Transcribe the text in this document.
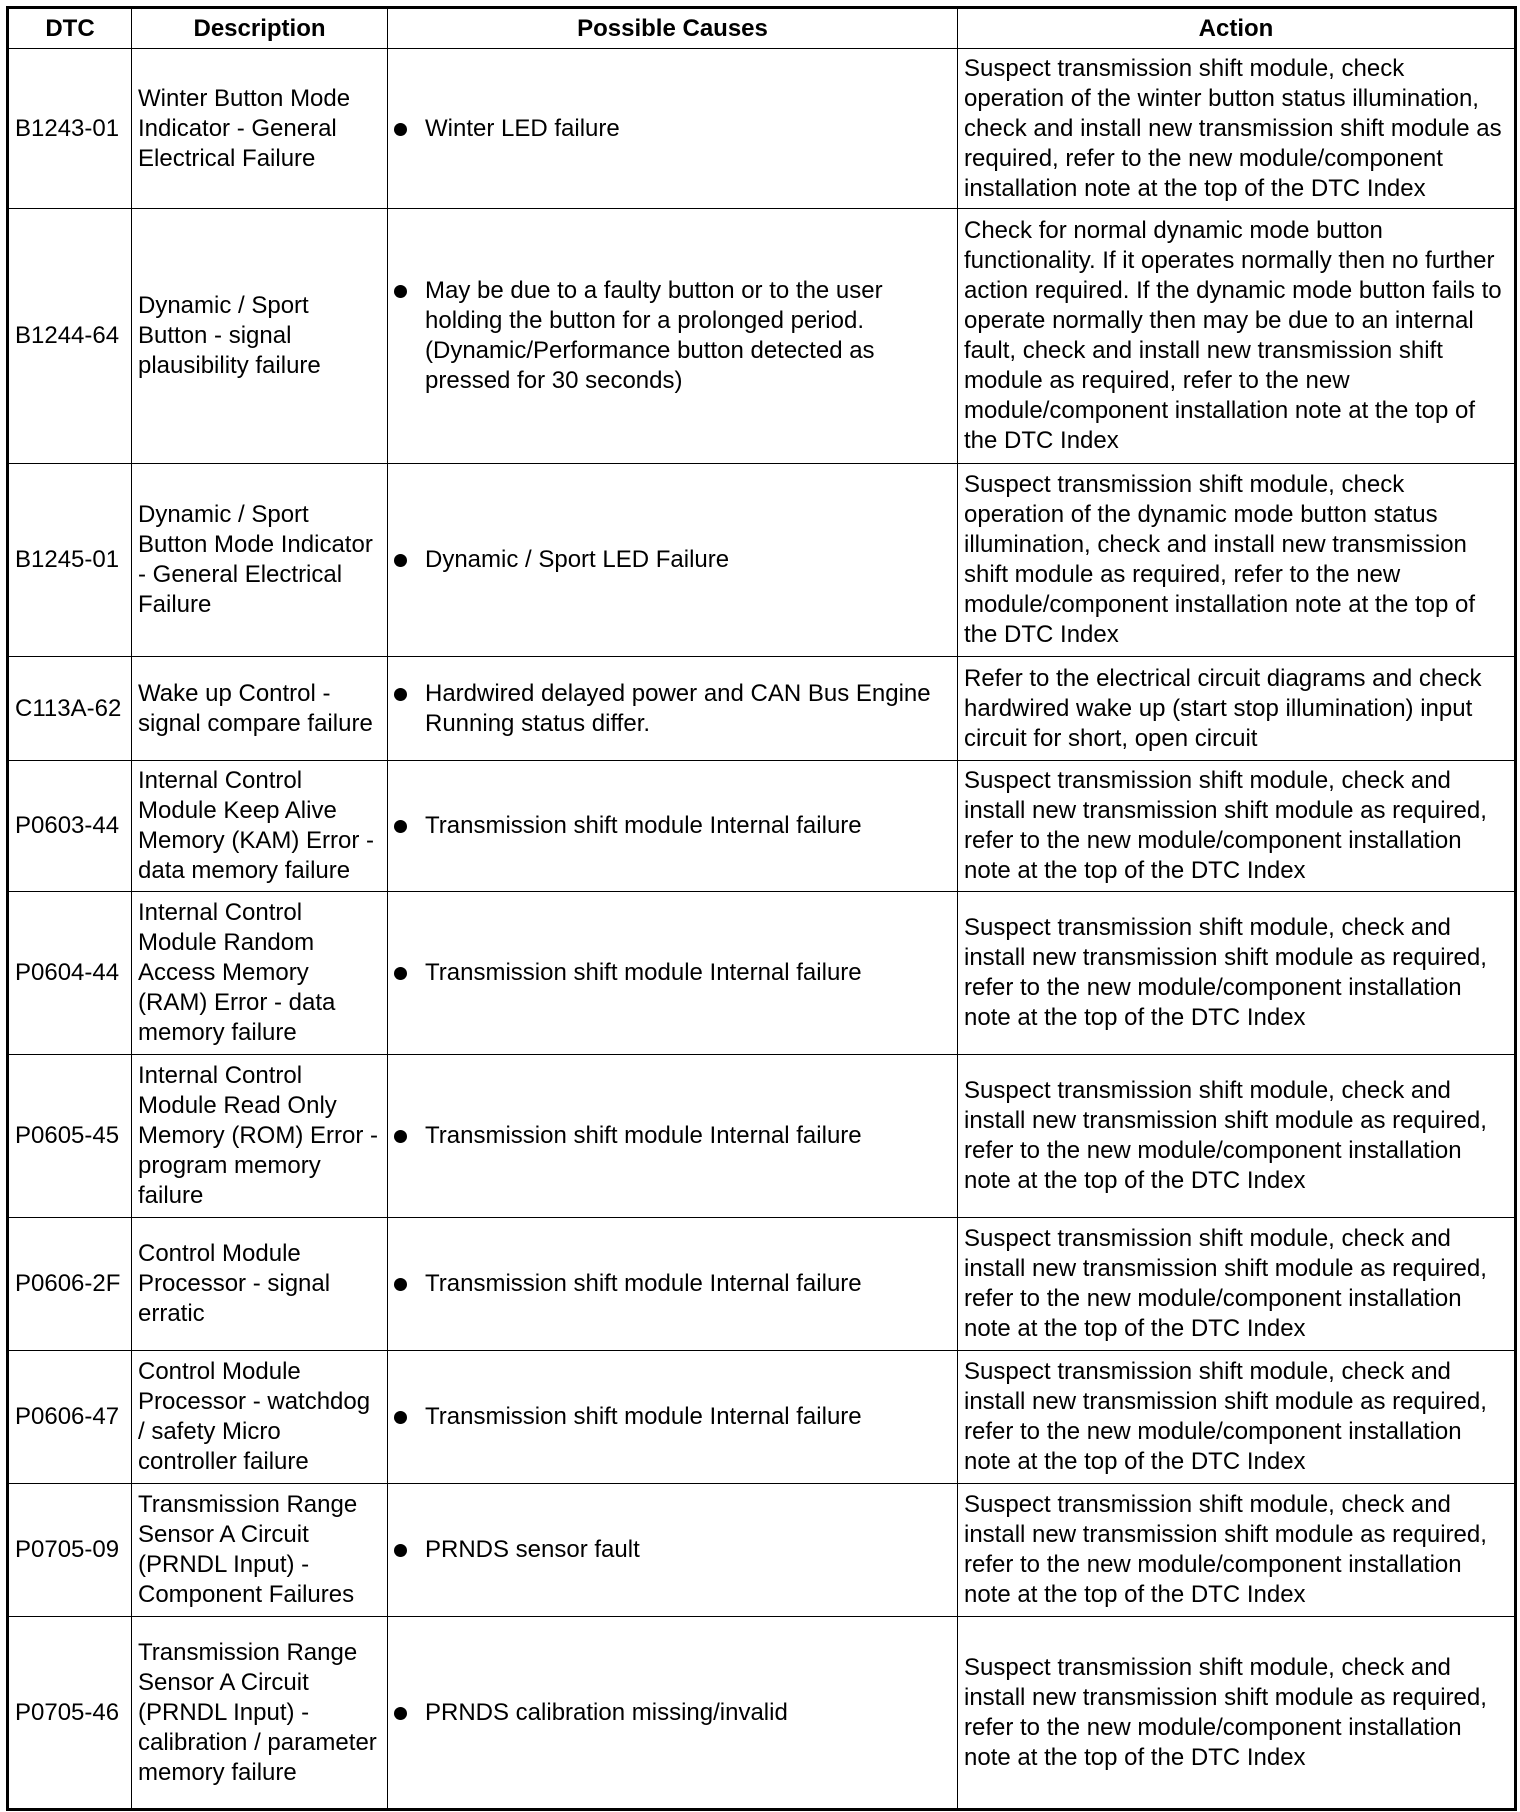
DTC	Description	Possible Causes	Action
B1243-01	Winter Button Mode Indicator - General Electrical Failure	Winter LED failure	Suspect transmission shift module, check operation of the winter button status illumination, check and install new transmission shift module as required, refer to the new module/component installation note at the top of the DTC Index
B1244-64	Dynamic / Sport Button - signal plausibility failure	May be due to a faulty button or to the user holding the button for a prolonged period. (Dynamic/Performance button detected as pressed for 30 seconds)	Check for normal dynamic mode button functionality. If it operates normally then no further action required. If the dynamic mode button fails to operate normally then may be due to an internal fault, check and install new transmission shift module as required, refer to the new module/component installation note at the top of the DTC Index
B1245-01	Dynamic / Sport Button Mode Indicator - General Electrical Failure	Dynamic / Sport LED Failure	Suspect transmission shift module, check operation of the dynamic mode button status illumination, check and install new transmission shift module as required, refer to the new module/component installation note at the top of the DTC Index
C113A-62	Wake up Control - signal compare failure	Hardwired delayed power and CAN Bus Engine Running status differ.	Refer to the electrical circuit diagrams and check hardwired wake up (start stop illumination) input circuit for short, open circuit
P0603-44	Internal Control Module Keep Alive Memory (KAM) Error - data memory failure	Transmission shift module Internal failure	Suspect transmission shift module, check and install new transmission shift module as required, refer to the new module/component installation note at the top of the DTC Index
P0604-44	Internal Control Module Random Access Memory (RAM) Error - data memory failure	Transmission shift module Internal failure	Suspect transmission shift module, check and install new transmission shift module as required, refer to the new module/component installation note at the top of the DTC Index
P0605-45	Internal Control Module Read Only Memory (ROM) Error - program memory failure	Transmission shift module Internal failure	Suspect transmission shift module, check and install new transmission shift module as required, refer to the new module/component installation note at the top of the DTC Index
P0606-2F	Control Module Processor - signal erratic	Transmission shift module Internal failure	Suspect transmission shift module, check and install new transmission shift module as required, refer to the new module/component installation note at the top of the DTC Index
P0606-47	Control Module Processor - watchdog / safety Micro controller failure	Transmission shift module Internal failure	Suspect transmission shift module, check and install new transmission shift module as required, refer to the new module/component installation note at the top of the DTC Index
P0705-09	Transmission Range Sensor A Circuit (PRNDL Input) - Component Failures	PRNDS sensor fault	Suspect transmission shift module, check and install new transmission shift module as required, refer to the new module/component installation note at the top of the DTC Index
P0705-46	Transmission Range Sensor A Circuit (PRNDL Input) - calibration / parameter memory failure	PRNDS calibration missing/invalid	Suspect transmission shift module, check and install new transmission shift module as required, refer to the new module/component installation note at the top of the DTC Index
